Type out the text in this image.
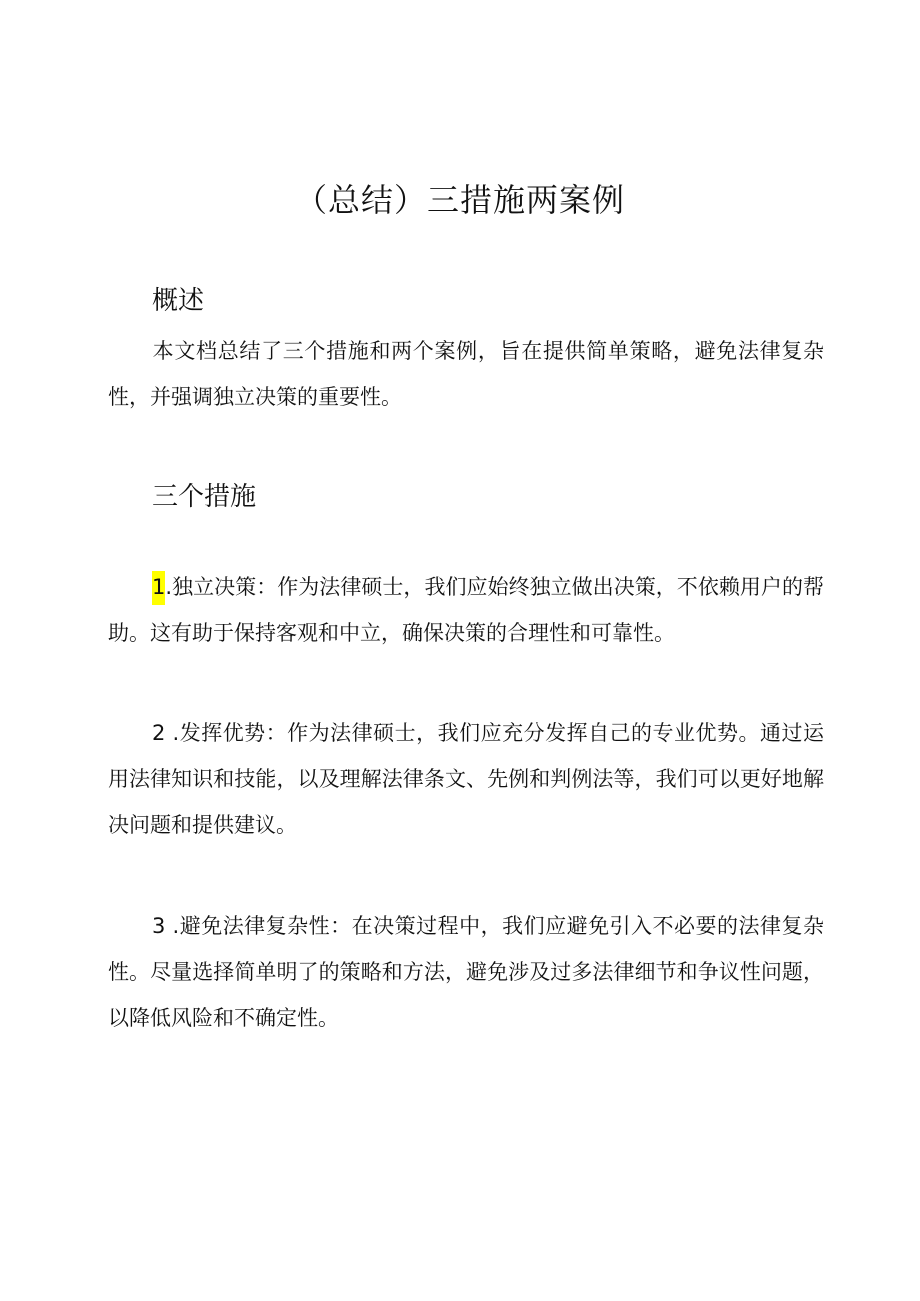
（总结）三措施两案例
概述

本文档总结了三个措施和两个案例，旨在提供简单策略，避免法律复杂性，并强调独立决策的重要性。

三个措施

1.独立决策：作为法律硕士，我们应始终独立做出决策，不依赖用户的帮助。这有助于保持客观和中立，确保决策的合理性和可靠性。

2 .发挥优势：作为法律硕士，我们应充分发挥自己的专业优势。通过运用法律知识和技能，以及理解法律条文、先例和判例法等，我们可以更好地解决问题和提供建议。

3 .避免法律复杂性：在决策过程中，我们应避免引入不必要的法律复杂性。尽量选择简单明了的策略和方法，避免涉及过多法律细节和争议性问题，以降低风险和不确定性。
